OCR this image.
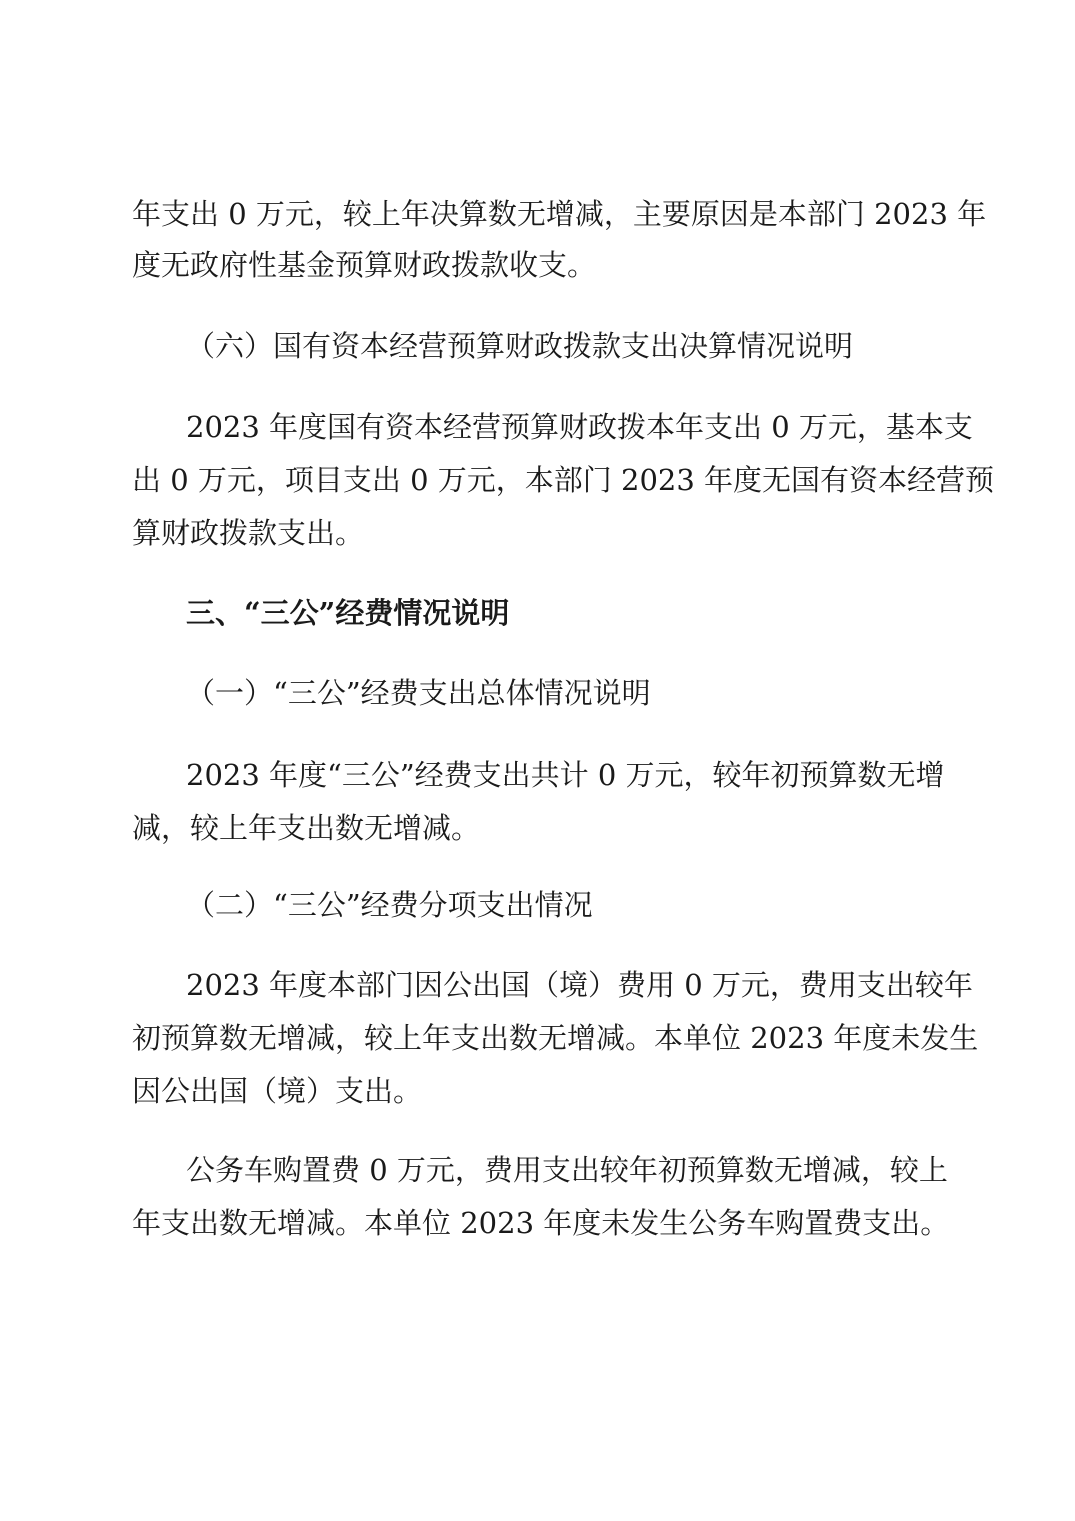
年支出 0 万元，较上年决算数无增减，主要原因是本部门 2023 年
度无政府性基金预算财政拨款收支。
（六）国有资本经营预算财政拨款支出决算情况说明
2023 年度国有资本经营预算财政拨本年支出 0 万元，基本支
出 0 万元，项目支出 0 万元，本部门 2023 年度无国有资本经营预
算财政拨款支出。
三、“三公”经费情况说明
（一）“三公”经费支出总体情况说明
2023 年度“三公”经费支出共计 0 万元，较年初预算数无增
减，较上年支出数无增减。
（二）“三公”经费分项支出情况
2023 年度本部门因公出国（境）费用 0 万元，费用支出较年
初预算数无增减，较上年支出数无增减。本单位 2023 年度未发生
因公出国（境）支出。
公务车购置费 0 万元，费用支出较年初预算数无增减，较上
年支出数无增减。本单位 2023 年度未发生公务车购置费支出。
